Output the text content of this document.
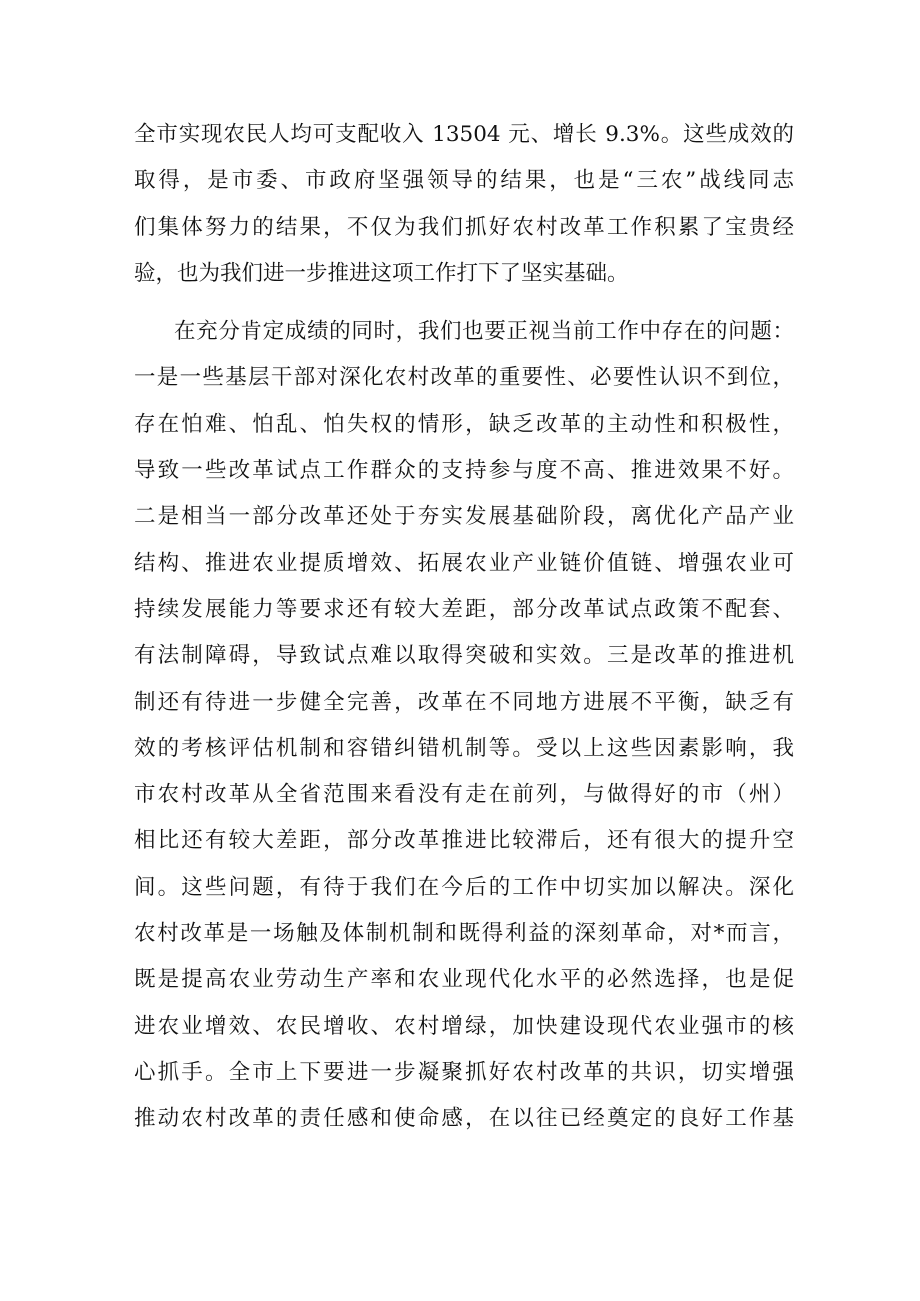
全市实现农民人均可支配收入 13504 元、增长 9.3%。这些成效的
取得，是市委、市政府坚强领导的结果，也是“三农”战线同志
们集体努力的结果，不仅为我们抓好农村改革工作积累了宝贵经
验，也为我们进一步推进这项工作打下了坚实基础。
在充分肯定成绩的同时，我们也要正视当前工作中存在的问题：
一是一些基层干部对深化农村改革的重要性、必要性认识不到位，
存在怕难、怕乱、怕失权的情形，缺乏改革的主动性和积极性，
导致一些改革试点工作群众的支持参与度不高、推进效果不好。
二是相当一部分改革还处于夯实发展基础阶段，离优化产品产业
结构、推进农业提质增效、拓展农业产业链价值链、增强农业可
持续发展能力等要求还有较大差距，部分改革试点政策不配套、
有法制障碍，导致试点难以取得突破和实效。三是改革的推进机
制还有待进一步健全完善，改革在不同地方进展不平衡，缺乏有
效的考核评估机制和容错纠错机制等。受以上这些因素影响，我
市农村改革从全省范围来看没有走在前列，与做得好的市（州）
相比还有较大差距，部分改革推进比较滞后，还有很大的提升空
间。这些问题，有待于我们在今后的工作中切实加以解决。深化
农村改革是一场触及体制机制和既得利益的深刻革命，对*而言，
既是提高农业劳动生产率和农业现代化水平的必然选择，也是促
进农业增效、农民增收、农村增绿，加快建设现代农业强市的核
心抓手。全市上下要进一步凝聚抓好农村改革的共识，切实增强
推动农村改革的责任感和使命感，在以往已经奠定的良好工作基
